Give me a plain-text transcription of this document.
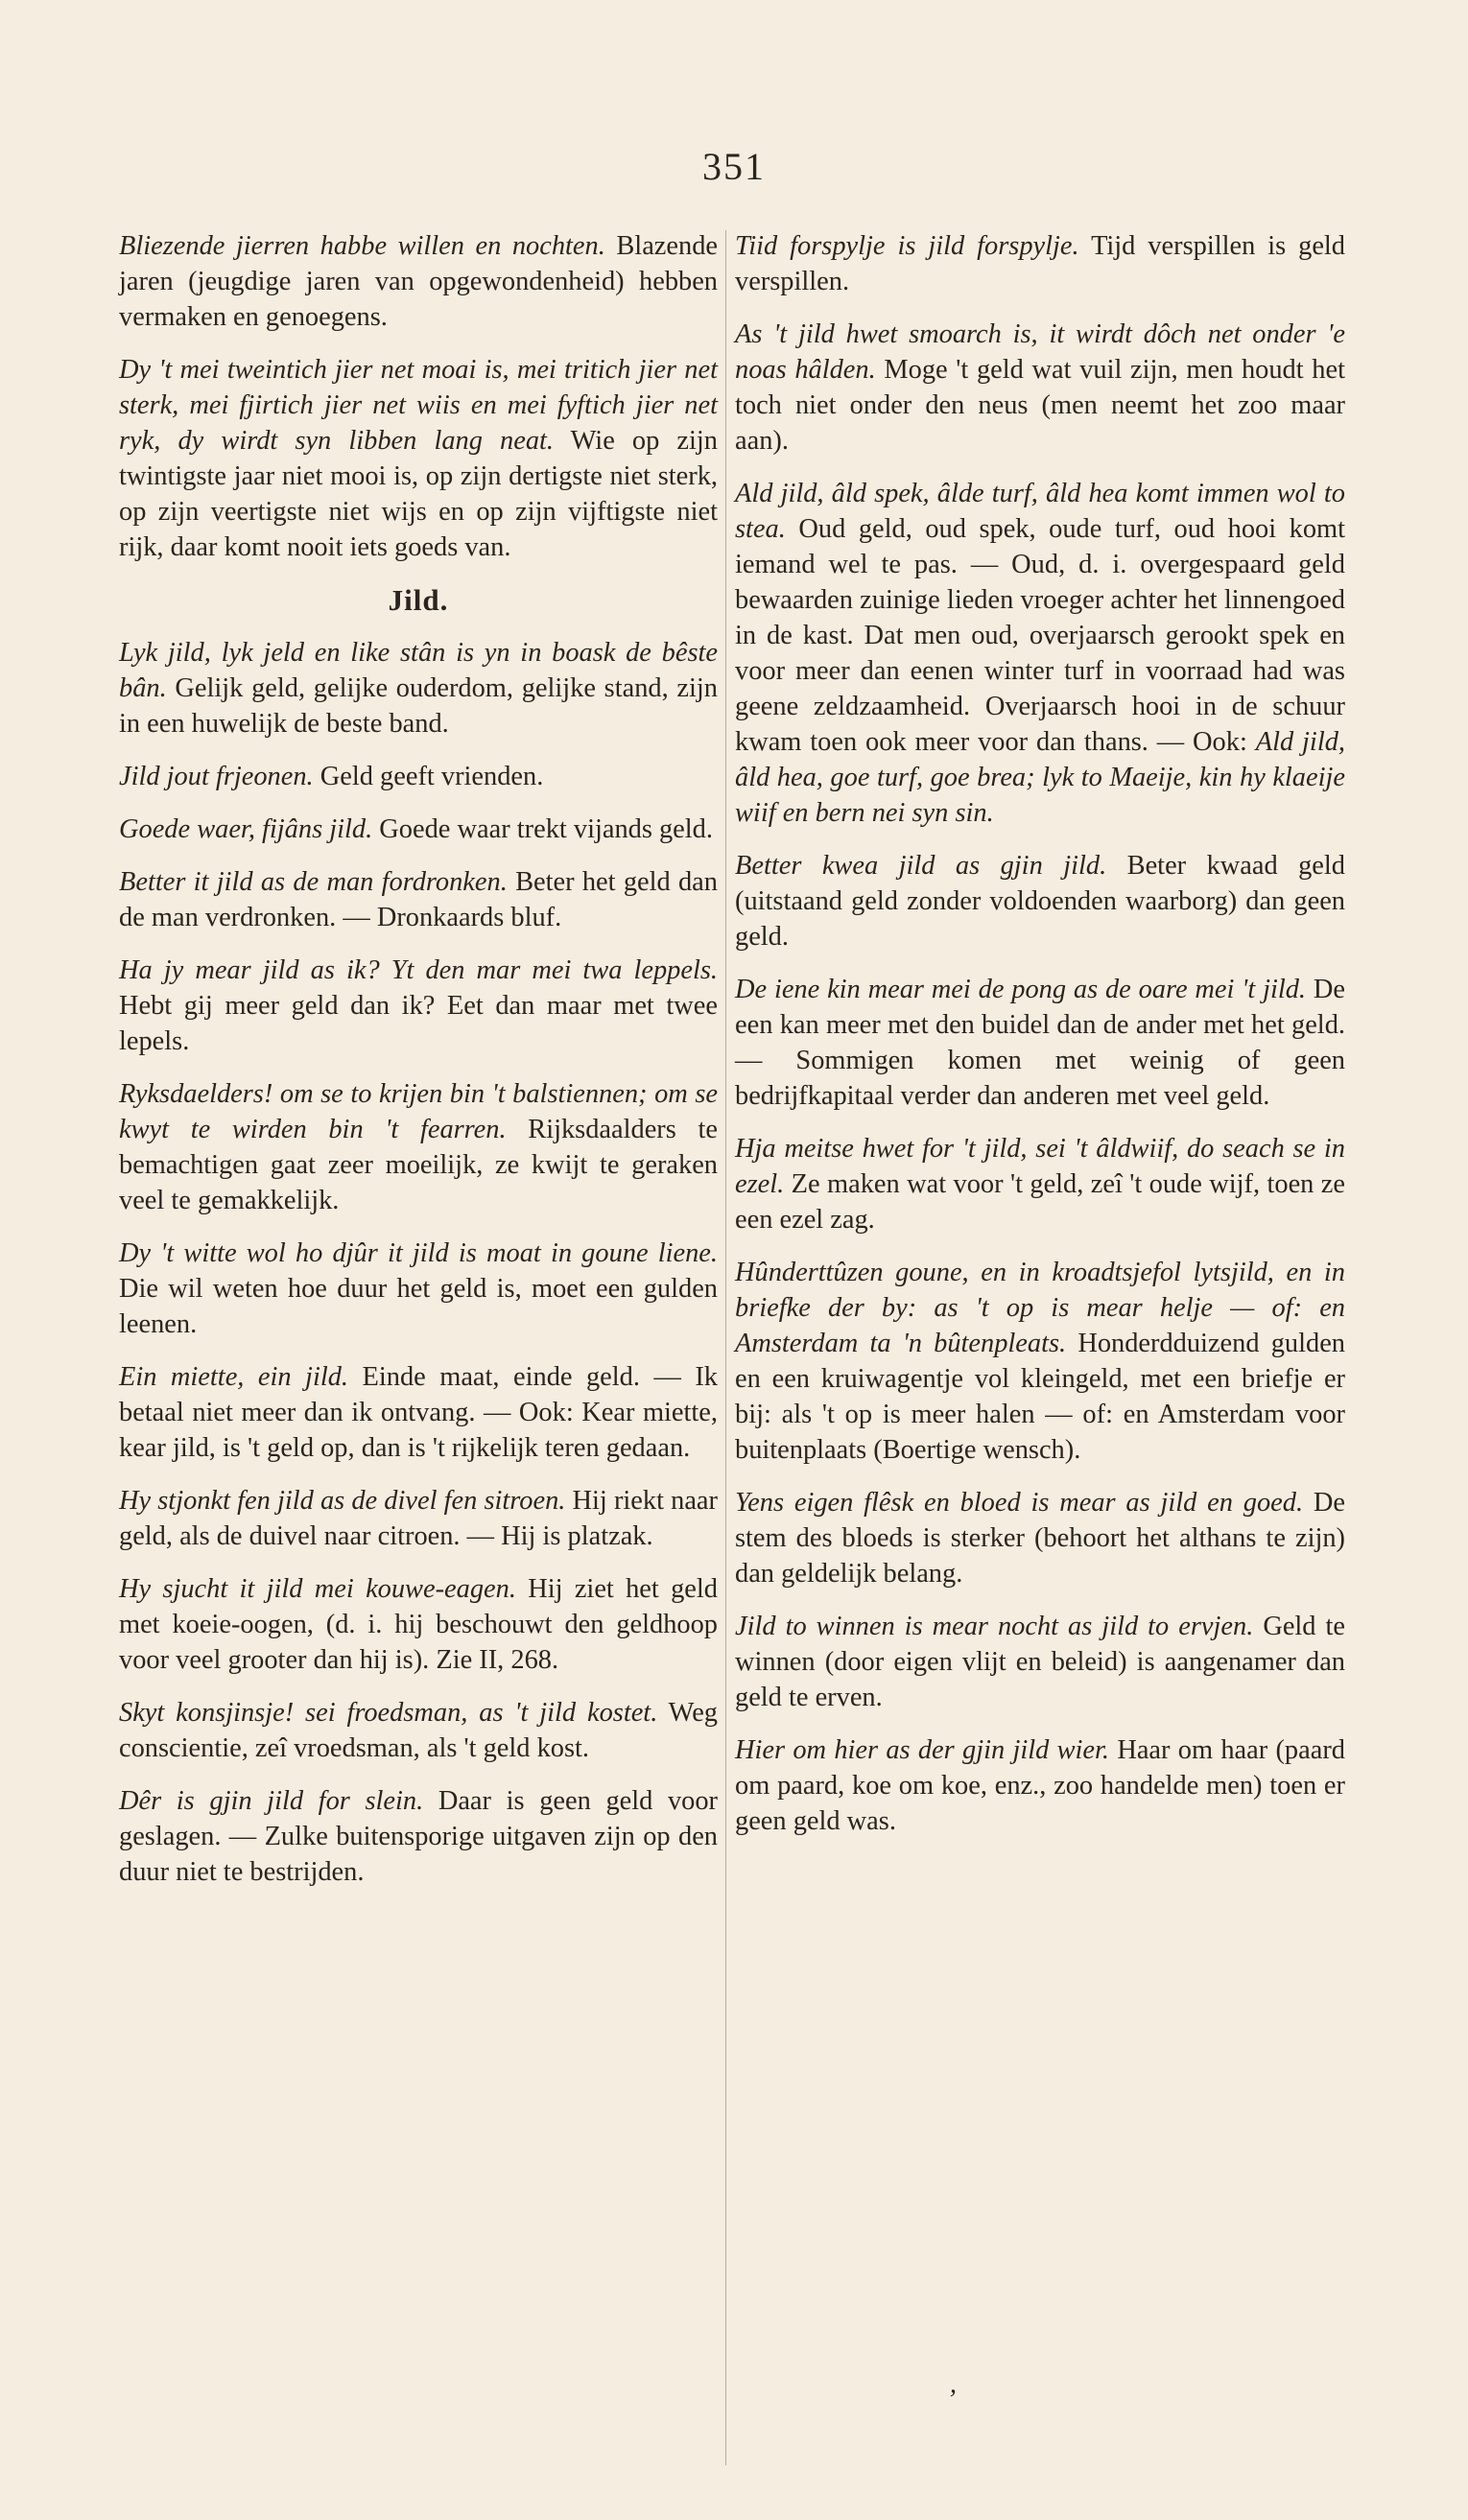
351

Bliezende jierren habbe willen en nochten. Blazende jaren (jeugdige jaren van opgewondenheid) hebben vermaken en genoegens.

Dy 't mei tweintich jier net moai is, mei tritich jier net sterk, mei fjirtich jier net wiis en mei fyftich jier net ryk, dy wirdt syn libben lang neat. Wie op zijn twintigste jaar niet mooi is, op zijn dertigste niet sterk, op zijn veertigste niet wijs en op zijn vijftigste niet rijk, daar komt nooit iets goeds van.

Jild.

Lyk jild, lyk jeld en like stân is yn in boask de bêste bân. Gelijk geld, gelijke ouderdom, gelijke stand, zijn in een huwelijk de beste band.

Jild jout frjeonen. Geld geeft vrienden.

Goede waer, fijâns jild. Goede waar trekt vijands geld.

Better it jild as de man fordronken. Beter het geld dan de man verdronken. — Dronkaards bluf.

Ha jy mear jild as ik? Yt den mar mei twa leppels. Hebt gij meer geld dan ik? Eet dan maar met twee lepels.

Ryksdaelders! om se to krijen bin 't balstiennen; om se kwyt te wirden bin 't fearren. Rijksdaalders te bemachtigen gaat zeer moeilijk, ze kwijt te geraken veel te gemakkelijk.

Dy 't witte wol ho djûr it jild is moat in goune liene. Die wil weten hoe duur het geld is, moet een gulden leenen.

Ein miette, ein jild. Einde maat, einde geld. — Ik betaal niet meer dan ik ontvang. — Ook: Kear miette, kear jild, is 't geld op, dan is 't rijkelijk teren gedaan.

Hy stjonkt fen jild as de divel fen sitroen. Hij riekt naar geld, als de duivel naar citroen. — Hij is platzak.

Hy sjucht it jild mei kouwe-eagen. Hij ziet het geld met koeie-oogen, (d. i. hij beschouwt den geldhoop voor veel grooter dan hij is). Zie II, 268.

Skyt konsjinsje! sei froedsman, as 't jild kostet. Weg conscientie, zeî vroedsman, als 't geld kost.

Dêr is gjin jild for slein. Daar is geen geld voor geslagen. — Zulke buitensporige uitgaven zijn op den duur niet te bestrijden.

Tiid forspylje is jild forspylje. Tijd verspillen is geld verspillen.

As 't jild hwet smoarch is, it wirdt dôch net onder 'e noas hâlden. Moge 't geld wat vuil zijn, men houdt het toch niet onder den neus (men neemt het zoo maar aan).

Ald jild, âld spek, âlde turf, âld hea komt immen wol to stea. Oud geld, oud spek, oude turf, oud hooi komt iemand wel te pas. — Oud, d. i. overgespaard geld bewaarden zuinige lieden vroeger achter het linnengoed in de kast. Dat men oud, overjaarsch gerookt spek en voor meer dan eenen winter turf in voorraad had was geene zeldzaamheid. Overjaarsch hooi in de schuur kwam toen ook meer voor dan thans. — Ook: Ald jild, âld hea, goe turf, goe brea; lyk to Maeije, kin hy klaeije wiif en bern nei syn sin.

Better kwea jild as gjin jild. Beter kwaad geld (uitstaand geld zonder voldoenden waarborg) dan geen geld.

De iene kin mear mei de pong as de oare mei 't jild. De een kan meer met den buidel dan de ander met het geld. — Sommigen komen met weinig of geen bedrijfkapitaal verder dan anderen met veel geld.

Hja meitse hwet for 't jild, sei 't âldwiif, do seach se in ezel. Ze maken wat voor 't geld, zeî 't oude wijf, toen ze een ezel zag.

Hûnderttûzen goune, en in kroadtsjefol lytsjild, en in briefke der by: as 't op is mear helje — of: en Amsterdam ta 'n bûtenpleats. Honderdduizend gulden en een kruiwagentje vol kleingeld, met een briefje er bij: als 't op is meer halen — of: en Amsterdam voor buitenplaats (Boertige wensch).

Yens eigen flêsk en bloed is mear as jild en goed. De stem des bloeds is sterker (behoort het althans te zijn) dan geldelijk belang.

Jild to winnen is mear nocht as jild to ervjen. Geld te winnen (door eigen vlijt en beleid) is aangenamer dan geld te erven.

Hier om hier as der gjin jild wier. Haar om haar (paard om paard, koe om koe, enz., zoo handelde men) toen er geen geld was.

,
